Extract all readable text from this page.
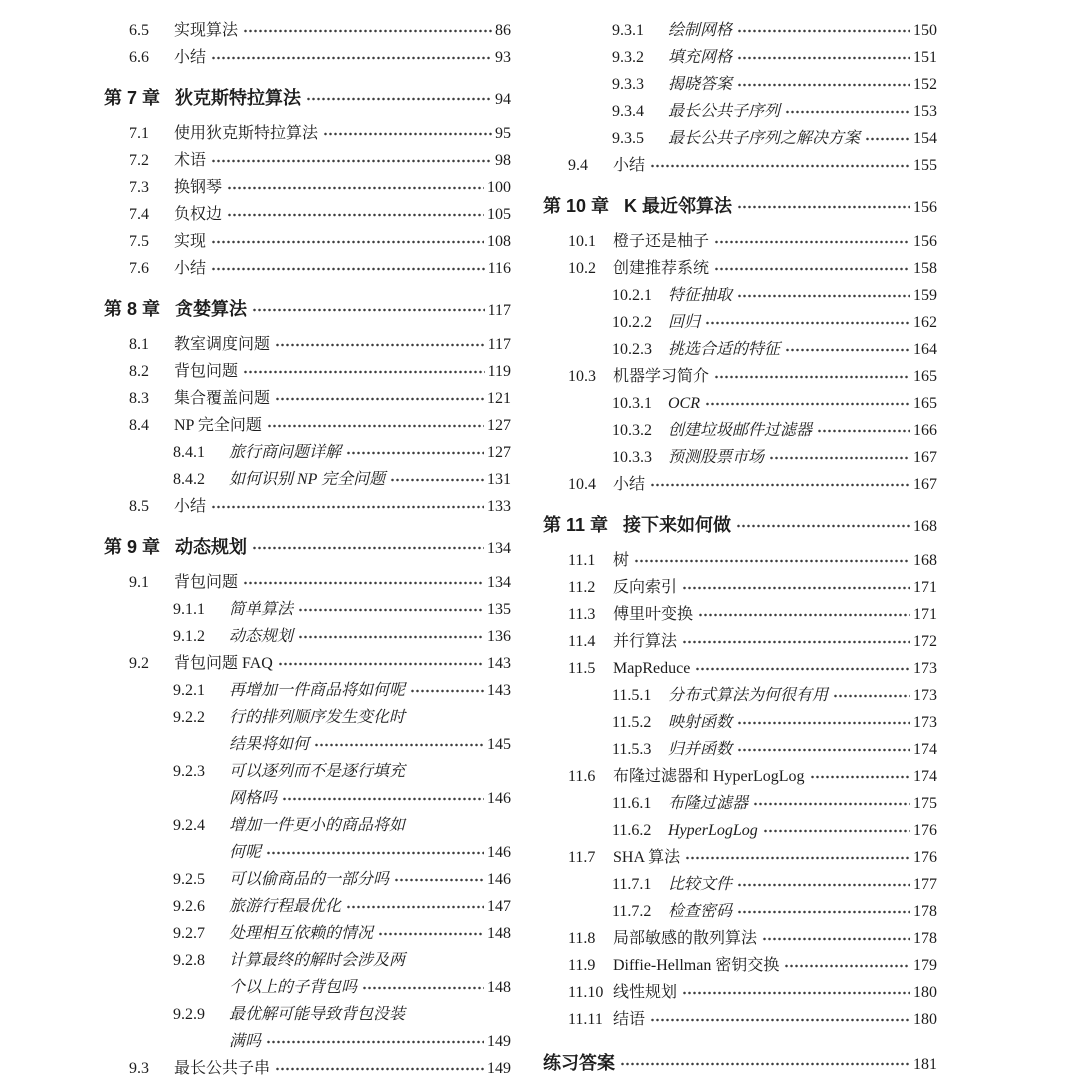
6.5	实现算法	86
6.6	小结	93
第 7 章 狄克斯特拉算法	94
7.1	使用狄克斯特拉算法	95
7.2	术语	98
7.3	换钢琴	100
7.4	负权边	105
7.5	实现	108
7.6	小结	116
第 8 章 贪婪算法	117
8.1	教室调度问题	117
8.2	背包问题	119
8.3	集合覆盖问题	121
8.4	NP 完全问题	127
8.4.1	旅行商问题详解	127
8.4.2	如何识别 NP 完全问题	131
8.5	小结	133
第 9 章 动态规划	134
9.1	背包问题	134
9.1.1	简单算法	135
9.1.2	动态规划	136
9.2	背包问题 FAQ	143
9.2.1	再增加一件商品将如何呢	143
9.2.2	行的排列顺序发生变化时
结果将如何	145
9.2.3	可以逐列而不是逐行填充
网格吗	146
9.2.4	增加一件更小的商品将如
何呢	146
9.2.5	可以偷商品的一部分吗	146
9.2.6	旅游行程最优化	147
9.2.7	处理相互依赖的情况	148
9.2.8	计算最终的解时会涉及两
个以上的子背包吗	148
9.2.9	最优解可能导致背包没装
满吗	149
9.3	最长公共子串	149
9.3.1	绘制网格	150
9.3.2	填充网格	151
9.3.3	揭晓答案	152
9.3.4	最长公共子序列	153
9.3.5	最长公共子序列之解决方案	154
9.4	小结	155
第 10 章 K 最近邻算法	156
10.1	橙子还是柚子	156
10.2	创建推荐系统	158
10.2.1	特征抽取	159
10.2.2	回归	162
10.2.3	挑选合适的特征	164
10.3	机器学习简介	165
10.3.1	OCR	165
10.3.2	创建垃圾邮件过滤器	166
10.3.3	预测股票市场	167
10.4	小结	167
第 11 章 接下来如何做	168
11.1	树	168
11.2	反向索引	171
11.3	傅里叶变换	171
11.4	并行算法	172
11.5	MapReduce	173
11.5.1	分布式算法为何很有用	173
11.5.2	映射函数	173
11.5.3	归并函数	174
11.6	布隆过滤器和 HyperLogLog	174
11.6.1	布隆过滤器	175
11.6.2	HyperLogLog	176
11.7	SHA 算法	176
11.7.1	比较文件	177
11.7.2	检查密码	178
11.8	局部敏感的散列算法	178
11.9	Diffie-Hellman 密钥交换	179
11.10 线性规划	180
11.11 结语	180
练习答案	181
